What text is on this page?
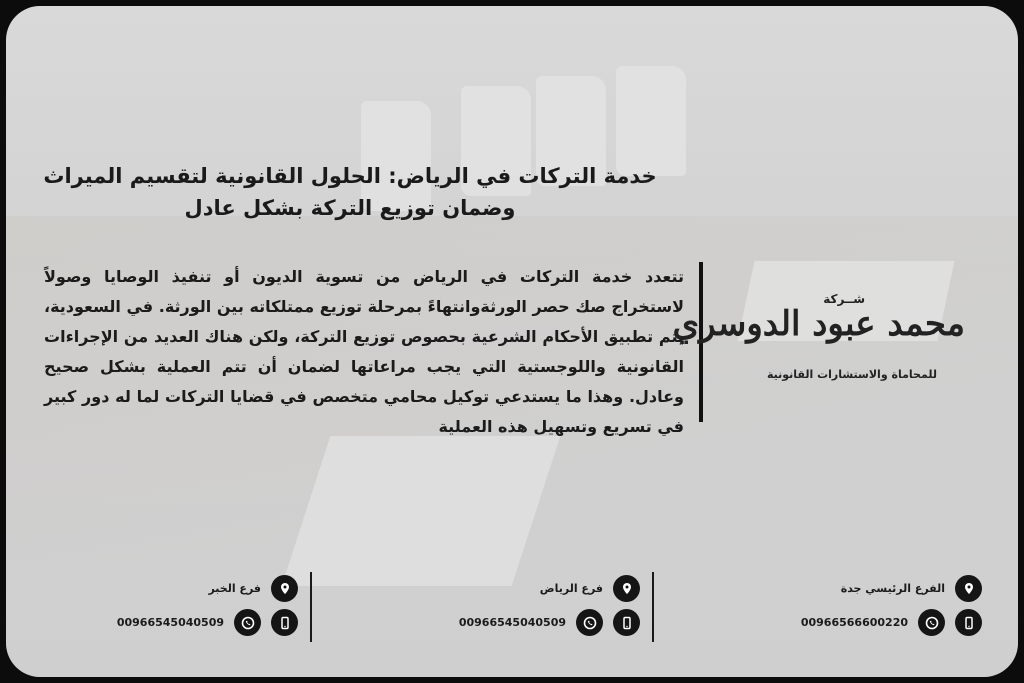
خدمة التركات في الرياض: الحلول القانونية لتقسيم الميراث
وضمان توزيع التركة بشكل عادل
تتعدد خدمة التركات في الرياض من تسوية الديون أو تنفيذ الوصايا وصولاً لاستخراج صك حصر الورثةوانتهاءً بمرحلة توزيع ممتلكاته بين الورثة. في السعودية، يتم تطبيق الأحكام الشرعية بحصوص توزيع التركة، ولكن هناك العديد من الإجراءات القانونية واللوجستية التي يجب مراعاتها لضمان أن تتم العملية بشكل صحيح وعادل. وهذا ما يستدعي توكيل محامي متخصص في قضايا التركات لما له دور كبير في تسريع وتسهيل هذه العملية
شــركة
محمد عبود الدوسري
للمحاماة والاستشارات القانونية
الفرع الرئيسي جدة
00966566600220
فرع الرياض
00966545040509
فرع الخبر
00966545040509
